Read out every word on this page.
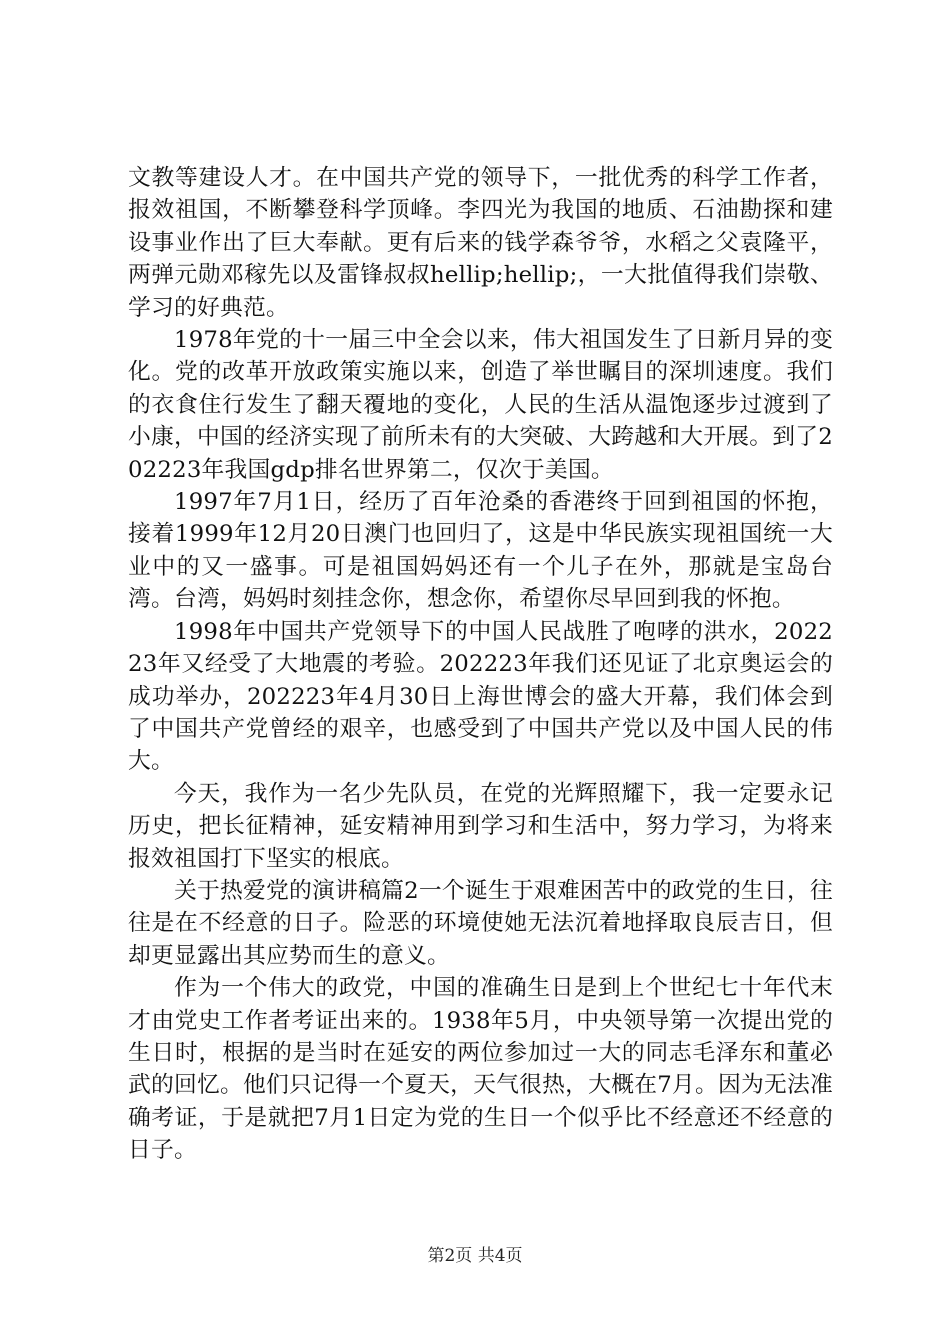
文教等建设人才。在中国共产党的领导下，一批优秀的科学工作者，报效祖国，不断攀登科学顶峰。李四光为我国的地质、石油勘探和建设事业作出了巨大奉献。更有后来的钱学森爷爷，水稻之父袁隆平，两弹元勋邓稼先以及雷锋叔叔hellip;hellip;，一大批值得我们崇敬、学习的好典范。

1978年党的十一届三中全会以来，伟大祖国发生了日新月异的变化。党的改革开放政策实施以来，创造了举世瞩目的深圳速度。我们的衣食住行发生了翻天覆地的变化，人民的生活从温饱逐步过渡到了小康，中国的经济实现了前所未有的大突破、大跨越和大开展。到了202223年我国gdp排名世界第二，仅次于美国。

1997年7月1日，经历了百年沧桑的香港终于回到祖国的怀抱，接着1999年12月20日澳门也回归了，这是中华民族实现祖国统一大业中的又一盛事。可是祖国妈妈还有一个儿子在外，那就是宝岛台湾。台湾，妈妈时刻挂念你，想念你，希望你尽早回到我的怀抱。

1998年中国共产党领导下的中国人民战胜了咆哮的洪水，202223年又经受了大地震的考验。202223年我们还见证了北京奥运会的成功举办，202223年4月30日上海世博会的盛大开幕，我们体会到了中国共产党曾经的艰辛，也感受到了中国共产党以及中国人民的伟大。

今天，我作为一名少先队员，在党的光辉照耀下，我一定要永记历史，把长征精神，延安精神用到学习和生活中，努力学习，为将来报效祖国打下坚实的根底。

关于热爱党的演讲稿篇2一个诞生于艰难困苦中的政党的生日，往往是在不经意的日子。险恶的环境使她无法沉着地择取良辰吉日，但却更显露出其应势而生的意义。

作为一个伟大的政党，中国的准确生日是到上个世纪七十年代末才由党史工作者考证出来的。1938年5月，中央领导第一次提出党的生日时，根据的是当时在延安的两位参加过一大的同志毛泽东和董必武的回忆。他们只记得一个夏天，天气很热，大概在7月。因为无法准确考证，于是就把7月1日定为党的生日一个似乎比不经意还不经意的日子。

第2页 共4页
